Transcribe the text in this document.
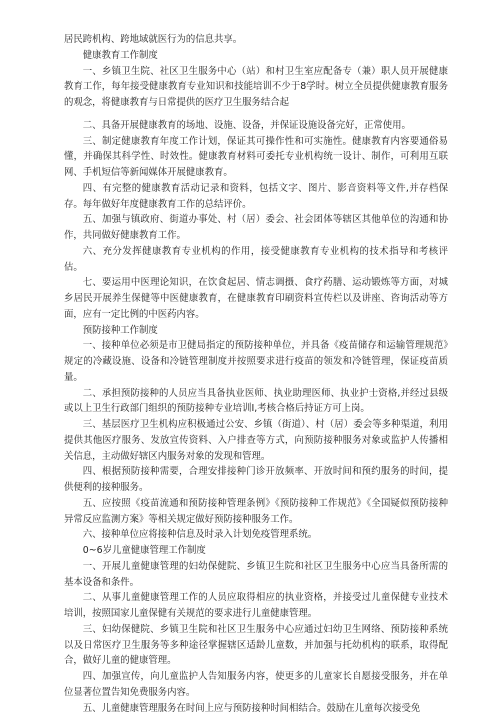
居民跨机构、跨地域就医行为的信息共享。

健康教育工作制度

一、乡镇卫生院、社区卫生服务中心（站）和村卫生室应配备专（兼）职人员开展健康教育工作，每年接受健康教育专业知识和技能培训不少于8学时。树立全员提供健康教育服务的观念，将健康教育与日常提供的医疗卫生服务结合起

二、具备开展健康教育的场地、设施、设备，并保证设施设备完好，正常使用。

三、制定健康教育年度工作计划，保证其可操作性和可实施性。健康教育内容要通俗易懂，并确保其科学性、时效性。健康教育材料可委托专业机构统一设计、制作，可利用互联网、手机短信等新闻媒体开展健康教育。

四、有完整的健康教育活动记录和资料，包括文字、图片、影音资料等文件,并存档保存。每年做好年度健康教育工作的总结评价。

五、加强与镇政府、街道办事处、村（居）委会、社会团体等辖区其他单位的沟通和协作，共同做好健康教育工作。

六、充分发挥健康教育专业机构的作用，接受健康教育专业机构的技术指导和考核评估。

七、要运用中医理论知识，在饮食起居、情志调摄、食疗药膳、运动锻炼等方面，对城乡居民开展养生保健等中医健康教育，在健康教育印刷资料宣传栏以及讲座、咨询活动等方面，应有一定比例的中医药内容。

预防接种工作制度

一、接种单位必须是市卫健局指定的预防接种单位，并具备《疫苗储存和运输管理规范》规定的冷藏设施、设备和冷链管理制度并按照要求进行疫苗的领发和冷链管理，保证疫苗质量。

二、承担预防接种的人员应当具备执业医师、执业助理医师、执业护士资格,并经过县级或以上卫生行政部门组织的预防接种专业培训I,考核合格后持证方可上岗。

三、基层医疗卫生机构应积极通过公安、乡镇（街道）、村（居）委会等多种渠道，利用提供其他医疗服务、发放宣传资料、入户排查等方式，向预防接种服务对象或监护人传播相关信息，主动做好辖区内服务对象的发现和管理。

四、根据预防接种需要，合理安排接种门诊开放频率、开放时间和预约服务的时间，提供便利的接种服务。

五、应按照《疫苗流通和预防接种管理条例》《预防接种工作规范》《全国疑似预防接种异常反应监测方案》等相关规定做好预防接种服务工作。

六、接种单位应将接种信息及时录入计划免疫管理系统。

0~6岁儿童健康管理工作制度

一、开展儿童健康管理的妇幼保健院、乡镇卫生院和社区卫生服务中心应当具备所需的基本设备和条件。

二、从事儿童健康管理工作的人员应取得相应的执业资格，并接受过儿童保健专业技术培训，按照国家儿童保健有关规范的要求进行儿童健康管理。

三、妇幼保健院、乡镇卫生院和社区卫生服务中心应通过妇幼卫生网络、预防接种系统以及日常医疗卫生服务等多种途径掌握辖区适龄儿童数，并加强与托幼机构的联系，取得配合，做好儿童的健康管理。

四、加强宣传，向儿童监护人告知服务内容，使更多的儿童家长自愿接受服务，并在单位显著位置告知免费服务内容。

五、儿童健康管理服务在时间上应与预防接种时间相结合。鼓励在儿童每次接受免
